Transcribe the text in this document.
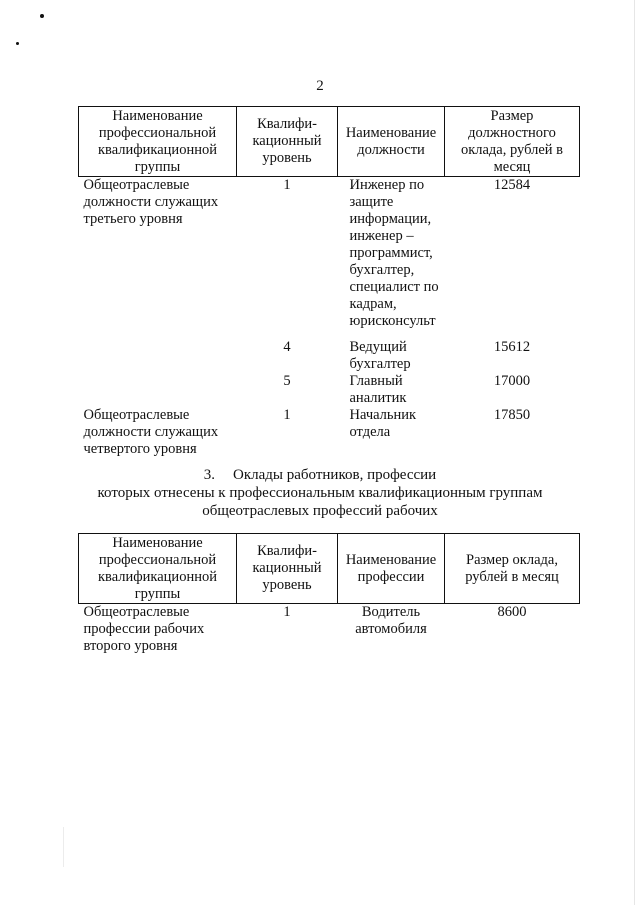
2
Наименование профессиональной квалификационной группы	Квалифи-кационный уровень	Наименование должности	Размер должностного оклада, рублей в месяц
Общеотраслевые должности служащих третьего уровня	1	Инженер по защите информации, инженер – программист, бухгалтер, специалист по кадрам, юрисконсульт	12584
	4	Ведущий бухгалтер	15612
	5	Главный аналитик	17000
Общеотраслевые должности служащих четвертого уровня	1	Начальник отдела	17850
3. Оклады работников, профессии
которых отнесены к профессиональным квалификационным группам
общеотраслевых профессий рабочих
Наименование профессиональной квалификационной группы	Квалифи-кационный уровень	Наименование профессии	Размер оклада, рублей в месяц
Общеотраслевые профессии рабочих второго уровня	1	Водитель автомобиля	8600
